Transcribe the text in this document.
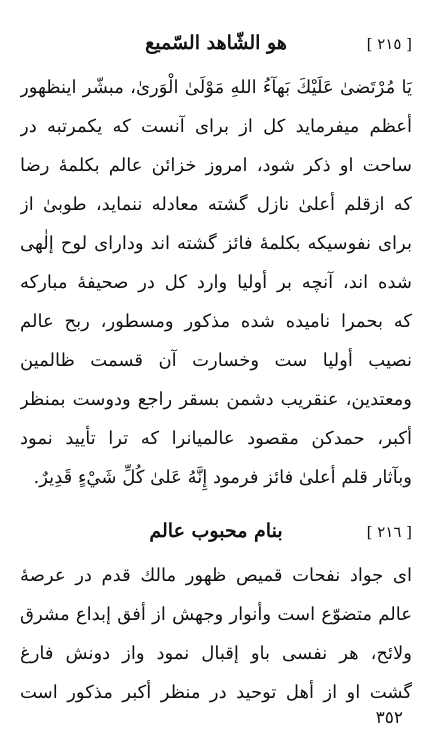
[ ٢١٥ ]
هو الشّاهد السّميع
يَا مُرْتَضىٰ عَلَيْكَ بَهآءُ اللهِ مَوْلَىٰ الْوَرىٰ، مبشّر اينظهور
أعظم ميفرمايد كل از براى آنست كه يكمرتبه در
ساحت او ذكر شود، امروز خزائن عالم بكلمهٔ رضا
كه ازقلم أعلىٰ نازل گشته معادله ننمايد، طوبىٰ از
براى نفوسيكه بكلمهٔ فائز گشته اند ودارای لوح إلٰهی
شده اند، آنچه بر أوليا وارد كل در صحيفهٔ مباركه
كه بحمرا ناميده شده مذكور ومسطور، ربح عالم
نصيب أوليا ست وخسارت آن قسمت ظالمين
ومعتدين، عنقريب دشمن بسقر راجع ودوست بمنظر
أكبر، حمدكن مقصود عالميانرا كه ترا تأييد نمود
وبآثار قلم أعلىٰ فائز فرمود إِنَّهُ عَلىٰ كُلِّ شَيْءٍ قَدِيرٌ.
[ ٢١٦ ]
بنام محبوب عالم
اى جواد نفحات قميص ظهور مالك قدم در عرصهٔ
عالم متضوّع است وأنوار وجهش از أفق إبداع مشرق
ولائح، هر نفسى باو إقبال نمود واز دونش فارغ
گشت او از أهل توحيد در منظر أكبر مذكور است
٣٥٢
